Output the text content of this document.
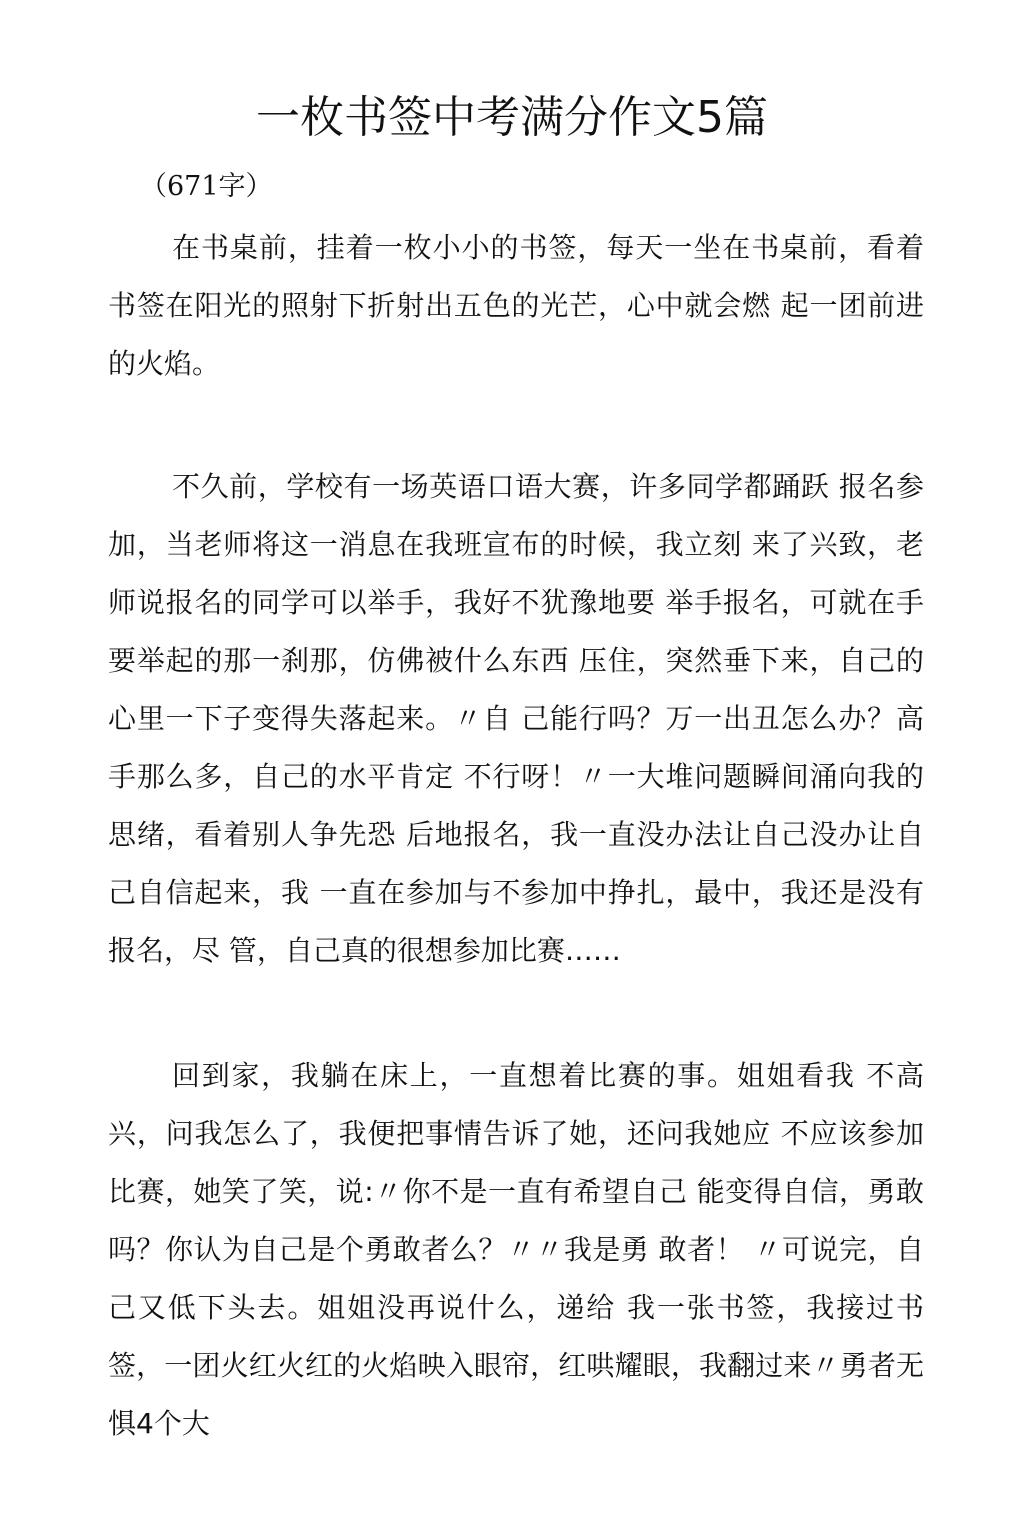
一枚书签中考满分作文5篇
（671字）

在书桌前，挂着一枚小小的书签，每天一坐在书桌前，看着书签在阳光的照射下折射出五色的光芒，心中就会燃 起一团前进的火焰。

不久前，学校有一场英语口语大赛，许多同学都踊跃 报名参加，当老师将这一消息在我班宣布的时候，我立刻 来了兴致，老师说报名的同学可以举手，我好不犹豫地要 举手报名，可就在手要举起的那一刹那，仿佛被什么东西 压住，突然垂下来，自己的心里一下子变得失落起来。〃自 己能行吗？万一出丑怎么办？高手那么多，自己的水平肯定 不行呀！〃一大堆问题瞬间涌向我的思绪，看着别人争先恐 后地报名，我一直没办法让自己没办让自己自信起来，我 一直在参加与不参加中挣扎，最中，我还是没有报名，尽 管，自己真的很想参加比赛……

回到家，我躺在床上，一直想着比赛的事。姐姐看我 不高兴，问我怎么了，我便把事情告诉了她，还问我她应 不应该参加比赛，她笑了笑，说:〃你不是一直有希望自己 能变得自信，勇敢吗？你认为自己是个勇敢者么？〃〃我是勇 敢者！ 〃可说完，自己又低下头去。姐姐没再说什么，递给 我一张书签，我接过书签，一团火红火红的火焰映入眼帘，红哄耀眼，我翻过来〃勇者无惧4个大
